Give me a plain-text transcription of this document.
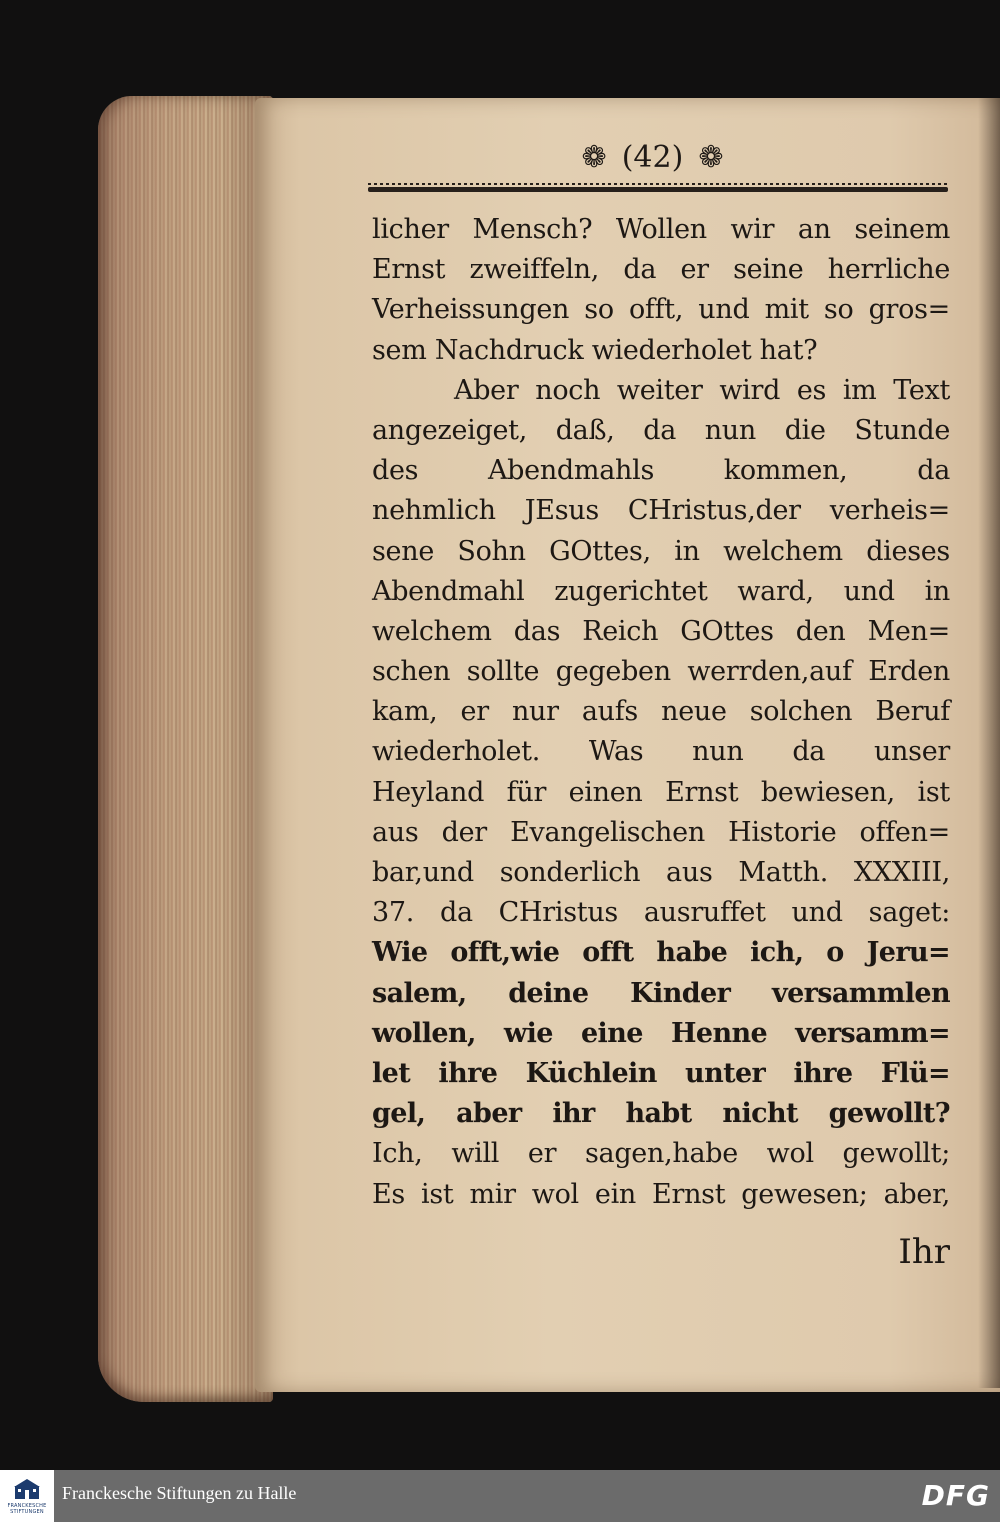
❁ (42) ❁
licher Mensch? Wollen wir an seinem
Ernst zweiffeln, da er seine herrliche
Verheissungen so offt, und mit so gros=
sem Nachdruck wiederholet hat?
Aber noch weiter wird es im Text
angezeiget, daß, da nun die Stunde
des Abendmahls kommen, da
nehmlich JEsus CHristus,der verheis=
sene Sohn GOttes, in welchem dieses
Abendmahl zugerichtet ward, und in
welchem das Reich GOttes den Men=
schen sollte gegeben werrden,auf Erden
kam, er nur aufs neue solchen Beruf
wiederholet. Was nun da unser
Heyland für einen Ernst bewiesen, ist
aus der Evangelischen Historie offen=
bar,und sonderlich aus Matth. XXXIII,
37. da CHristus ausruffet und saget:
Wie offt,wie offt habe ich, o Jeru=
salem, deine Kinder versammlen
wollen, wie eine Henne versamm=
let ihre Küchlein unter ihre Flü=
gel, aber ihr habt nicht gewollt?
Ich, will er sagen,habe wol gewollt;
Es ist mir wol ein Ernst gewesen; aber,
Ihr
FRANCKESCHE
STIFTUNGEN
Franckesche Stiftungen zu Halle	DFG
